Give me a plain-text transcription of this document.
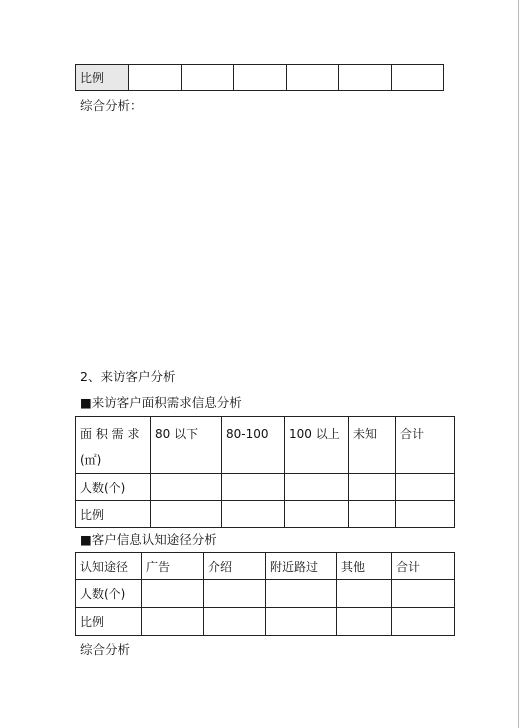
比例						
综合分析：
2、来访客户分析
■来访客户面积需求信息分析
面 积 需 求 (㎡)	80 以下	80-100	100 以上	未知	合计
人数(个)					
比例					
■客户信息认知途径分析
认知途径	广告	介绍	附近路过	其他	合计
人数(个)					
比例					
综合分析
